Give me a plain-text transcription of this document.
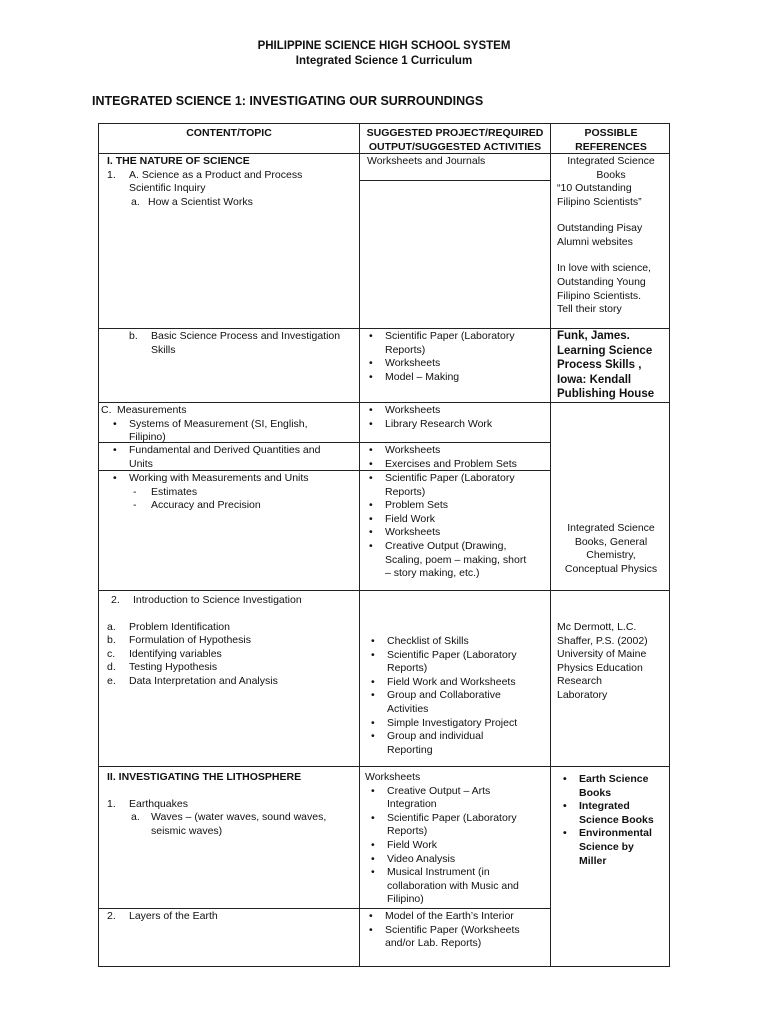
PHILIPPINE SCIENCE HIGH SCHOOL SYSTEM
Integrated Science 1 Curriculum
INTEGRATED SCIENCE 1: INVESTIGATING OUR SURROUNDINGS
CONTENT/TOPIC	SUGGESTED PROJECT/REQUIRED
OUTPUT/SUGGESTED ACTIVITIES
POSSIBLE
REFERENCES
I. THE NATURE OF SCIENCE
1. A. Science as a Product and Process
Scientific Inquiry
a. How a Scientist Works
Worksheets and Journals	Integrated Science
Books
“10 Outstanding
Filipino Scientists”
Outstanding Pisay
Alumni websites
In love with science,
Outstanding Young
Filipino Scientists.
Tell their story
b. Basic Science Process and Investigation
Skills
• Scientific Paper (Laboratory
Reports)
• Worksheets
• Model – Making
Funk, James.
Learning Science
Process Skills ,
Iowa: Kendall
Publishing House
C. Measurements
• Systems of Measurement (SI, English,
Filipino)
• Worksheets
• Library Research Work
• Fundamental and Derived Quantities and
Units
• Worksheets
• Exercises and Problem Sets
• Working with Measurements and Units
- Estimates
- Accuracy and Precision
• Scientific Paper (Laboratory
Reports)
• Problem Sets
• Field Work
• Worksheets
• Creative Output (Drawing,
Scaling, poem – making, short
– story making, etc.)
Integrated Science
Books, General
Chemistry,
Conceptual Physics
2. Introduction to Science Investigation
a. Problem Identification
b. Formulation of Hypothesis
c. Identifying variables
d. Testing Hypothesis
e. Data Interpretation and Analysis
• Checklist of Skills
• Scientific Paper (Laboratory
Reports)
• Field Work and Worksheets
• Group and Collaborative
Activities
• Simple Investigatory Project
• Group and individual
Reporting
Mc Dermott, L.C.
Shaffer, P.S. (2002)
University of Maine
Physics Education
Research
Laboratory
II. INVESTIGATING THE LITHOSPHERE
1. Earthquakes
a. Waves – (water waves, sound waves,
seismic waves)
Worksheets
• Creative Output – Arts
Integration
• Scientific Paper (Laboratory
Reports)
• Field Work
• Video Analysis
• Musical Instrument (in
collaboration with Music and
Filipino)
• Earth Science
Books
• Integrated
Science Books
• Environmental
Science by
Miller
2. Layers of the Earth
•	Model of the Earth’s Interior
• Scientific Paper (Worksheets
and/or Lab. Reports)
